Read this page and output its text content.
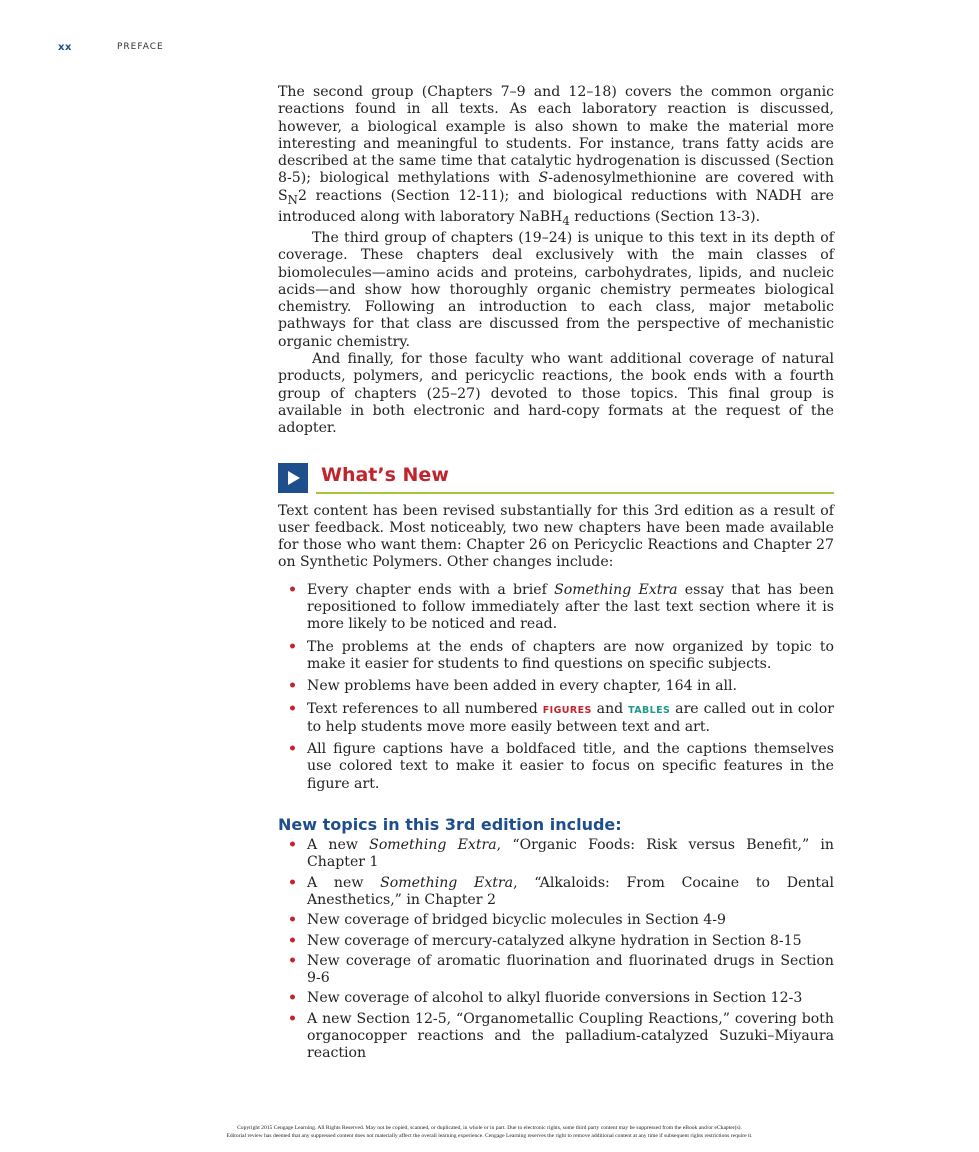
xx	PREFACE

The second group (Chapters 7–9 and 12–18) covers the common organic reactions found in all texts. As each laboratory reaction is discussed, however, a biological example is also shown to make the material more interesting and meaningful to students. For instance, trans fatty acids are described at the same time that catalytic hydrogenation is discussed (Section 8-5); biological methylations with S-adenosylmethionine are covered with $S_N2$ reactions (Section 12-11); and biological reductions with NADH are introduced along with laboratory NaBH$_4$ reductions (Section 13-3).

The third group of chapters (19–24) is unique to this text in its depth of coverage. These chapters deal exclusively with the main classes of biomolecules—amino acids and proteins, carbohydrates, lipids, and nucleic acids—and show how thoroughly organic chemistry permeates biological chemistry. Following an introduction to each class, major metabolic pathways for that class are discussed from the perspective of mechanistic organic chemistry.

And finally, for those faculty who want additional coverage of natural products, polymers, and pericyclic reactions, the book ends with a fourth group of chapters (25–27) devoted to those topics. This final group is available in both electronic and hard-copy formats at the request of the adopter.

What’s New

Text content has been revised substantially for this 3rd edition as a result of user feedback. Most noticeably, two new chapters have been made available for those who want them: Chapter 26 on Pericyclic Reactions and Chapter 27 on Synthetic Polymers. Other changes include:

• Every chapter ends with a brief Something Extra essay that has been repositioned to follow immediately after the last text section where it is more likely to be noticed and read.
• The problems at the ends of chapters are now organized by topic to make it easier for students to find questions on specific subjects.
• New problems have been added in every chapter, 164 in all.
• Text references to all numbered FIGURES and TABLES are called out in color to help students move more easily between text and art.
• All figure captions have a boldfaced title, and the captions themselves use colored text to make it easier to focus on specific features in the figure art.
New topics in this 3rd edition include:
• A new Something Extra, “Organic Foods: Risk versus Benefit,” in Chapter 1
• A new Something Extra, “Alkaloids: From Cocaine to Dental Anesthetics,” in Chapter 2
• New coverage of bridged bicyclic molecules in Section 4-9
• New coverage of mercury-catalyzed alkyne hydration in Section 8-15
• New coverage of aromatic fluorination and fluorinated drugs in Section 9-6
• New coverage of alcohol to alkyl fluoride conversions in Section 12-3
• A new Section 12-5, “Organometallic Coupling Reactions,” covering both organocopper reactions and the palladium-catalyzed Suzuki–Miyaura reaction
Copyright 2015 Cengage Learning. All Rights Reserved. May not be copied, scanned, or duplicated, in whole or in part. Due to electronic rights, some third party content may be suppressed from the eBook and/or eChapter(s).
Editorial review has deemed that any suppressed content does not materially affect the overall learning experience. Cengage Learning reserves the right to remove additional content at any time if subsequent rights restrictions require it.
